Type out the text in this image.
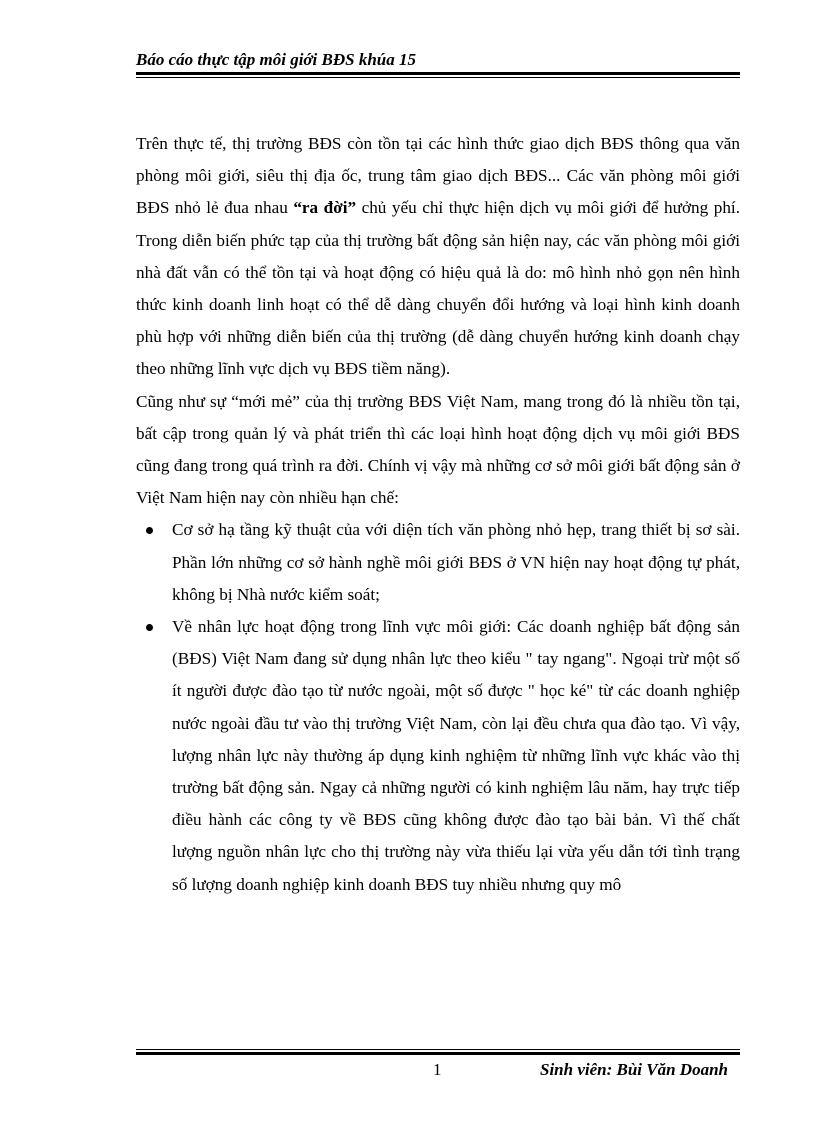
Báo cáo thực tập môi giới BĐS khúa 15

Trên thực tế, thị trường BĐS còn tồn tại các hình thức giao dịch BĐS thông qua văn phòng môi giới, siêu thị địa ốc, trung tâm giao dịch BĐS... Các văn phòng môi giới BĐS nhỏ lẻ đua nhau “ra đời” chủ yếu chỉ thực hiện dịch vụ môi giới để hưởng phí. Trong diễn biến phức tạp của thị trường bất động sản hiện nay, các văn phòng môi giới nhà đất vẫn có thể tồn tại và hoạt động có hiệu quả là do: mô hình nhỏ gọn nên hình thức kinh doanh linh hoạt có thể dễ dàng chuyển đổi hướng và loại hình kinh doanh phù hợp với những diễn biến của thị trường (dễ dàng chuyển hướng kinh doanh chạy theo những lĩnh vực dịch vụ BĐS tiềm năng).

Cũng như sự “mới mẻ” của thị trường BĐS Việt Nam, mang trong đó là nhiều tồn tại, bất cập trong quản lý và phát triển thì các loại hình hoạt động dịch vụ môi giới BĐS cũng đang trong quá trình ra đời. Chính vị vậy mà những cơ sở môi giới bất động sản ở Việt Nam hiện nay còn nhiều hạn chế:

Cơ sở hạ tầng kỹ thuật của với diện tích văn phòng nhỏ hẹp, trang thiết bị sơ sài. Phần lớn những cơ sở hành nghề môi giới BĐS ở VN hiện nay hoạt động tự phát, không bị Nhà nước kiểm soát;
Về nhân lực hoạt động trong lĩnh vực môi giới: Các doanh nghiệp bất động sản (BĐS) Việt Nam đang sử dụng nhân lực theo kiểu " tay ngang". Ngoại trừ một số ít người được đào tạo từ nước ngoài, một số được " học ké" từ các doanh nghiệp nước ngoài đầu tư vào thị trường Việt Nam, còn lại đều chưa qua đào tạo. Vì vậy, lượng nhân lực này thường áp dụng kinh nghiệm từ những lĩnh vực khác vào thị trường bất động sản. Ngay cả những người có kinh nghiệm lâu năm, hay trực tiếp điều hành các công ty về BĐS cũng không được đào tạo bài bản. Vì thế chất lượng nguồn nhân lực cho thị trường này vừa thiếu lại vừa yếu dẫn tới tình trạng số lượng doanh nghiệp kinh doanh BĐS tuy nhiều nhưng quy mô
1	Sinh viên: Bùi Văn Doanh
